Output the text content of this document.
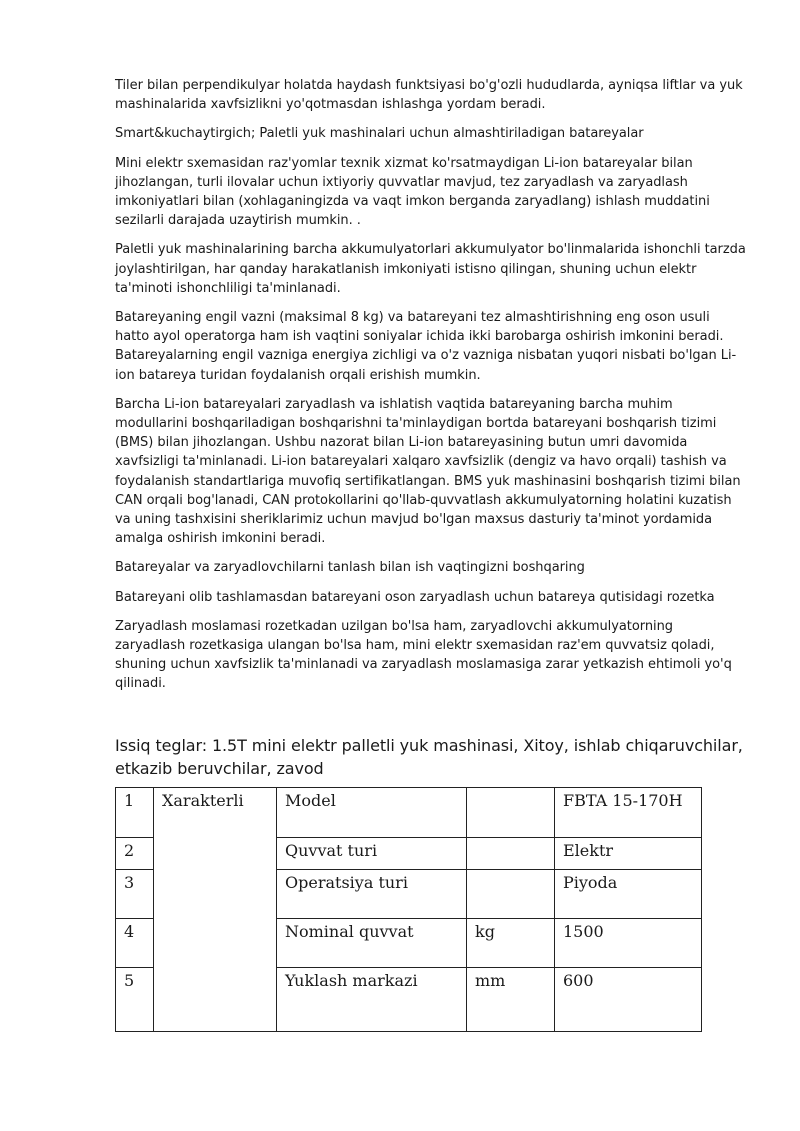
Tiler bilan perpendikulyar holatda haydash funktsiyasi bo'g'ozli hududlarda, ayniqsa liftlar va yuk mashinalarida xavfsizlikni yo'qotmasdan ishlashga yordam beradi.

Smart&kuchaytirgich; Paletli yuk mashinalari uchun almashtiriladigan batareyalar

Mini elektr sxemasidan raz'yomlar texnik xizmat ko'rsatmaydigan Li-ion batareyalar bilan jihozlangan, turli ilovalar uchun ixtiyoriy quvvatlar mavjud, tez zaryadlash va zaryadlash imkoniyatlari bilan (xohlaganingizda va vaqt imkon berganda zaryadlang) ishlash muddatini sezilarli darajada uzaytirish mumkin. .

Paletli yuk mashinalarining barcha akkumulyatorlari akkumulyator bo'linmalarida ishonchli tarzda joylashtirilgan, har qanday harakatlanish imkoniyati istisno qilingan, shuning uchun elektr ta'minoti ishonchliligi ta'minlanadi.

Batareyaning engil vazni (maksimal 8 kg) va batareyani tez almashtirishning eng oson usuli hatto ayol operatorga ham ish vaqtini soniyalar ichida ikki barobarga oshirish imkonini beradi. Batareyalarning engil vazniga energiya zichligi va o'z vazniga nisbatan yuqori nisbati bo'lgan Li-ion batareya turidan foydalanish orqali erishish mumkin.

Barcha Li-ion batareyalari zaryadlash va ishlatish vaqtida batareyaning barcha muhim modullarini boshqariladigan boshqarishni ta'minlaydigan bortda batareyani boshqarish tizimi (BMS) bilan jihozlangan. Ushbu nazorat bilan Li-ion batareyasining butun umri davomida xavfsizligi ta'minlanadi. Li-ion batareyalari xalqaro xavfsizlik (dengiz va havo orqali) tashish va foydalanish standartlariga muvofiq sertifikatlangan. BMS yuk mashinasini boshqarish tizimi bilan CAN orqali bog'lanadi, CAN protokollarini qo'llab-quvvatlash akkumulyatorning holatini kuzatish va uning tashxisini sheriklarimiz uchun mavjud bo'lgan maxsus dasturiy ta'minot yordamida amalga oshirish imkonini beradi.

Batareyalar va zaryadlovchilarni tanlash bilan ish vaqtingizni boshqaring

Batareyani olib tashlamasdan batareyani oson zaryadlash uchun batareya qutisidagi rozetka

Zaryadlash moslamasi rozetkadan uzilgan bo'lsa ham, zaryadlovchi akkumulyatorning zaryadlash rozetkasiga ulangan bo'lsa ham, mini elektr sxemasidan raz'em quvvatsiz qoladi, shuning uchun xavfsizlik ta'minlanadi va zaryadlash moslamasiga zarar yetkazish ehtimoli yo'q qilinadi.

Issiq teglar: 1.5T mini elektr palletli yuk mashinasi, Xitoy, ishlab chiqaruvchilar, etkazib beruvchilar, zavod

1	Xarakterli	Model		FBTA 15-170H
2		Quvvat turi		Elektr
3		Operatsiya turi		Piyoda
4		Nominal quvvat	kg	1500
5		Yuklash markazi	mm	600
